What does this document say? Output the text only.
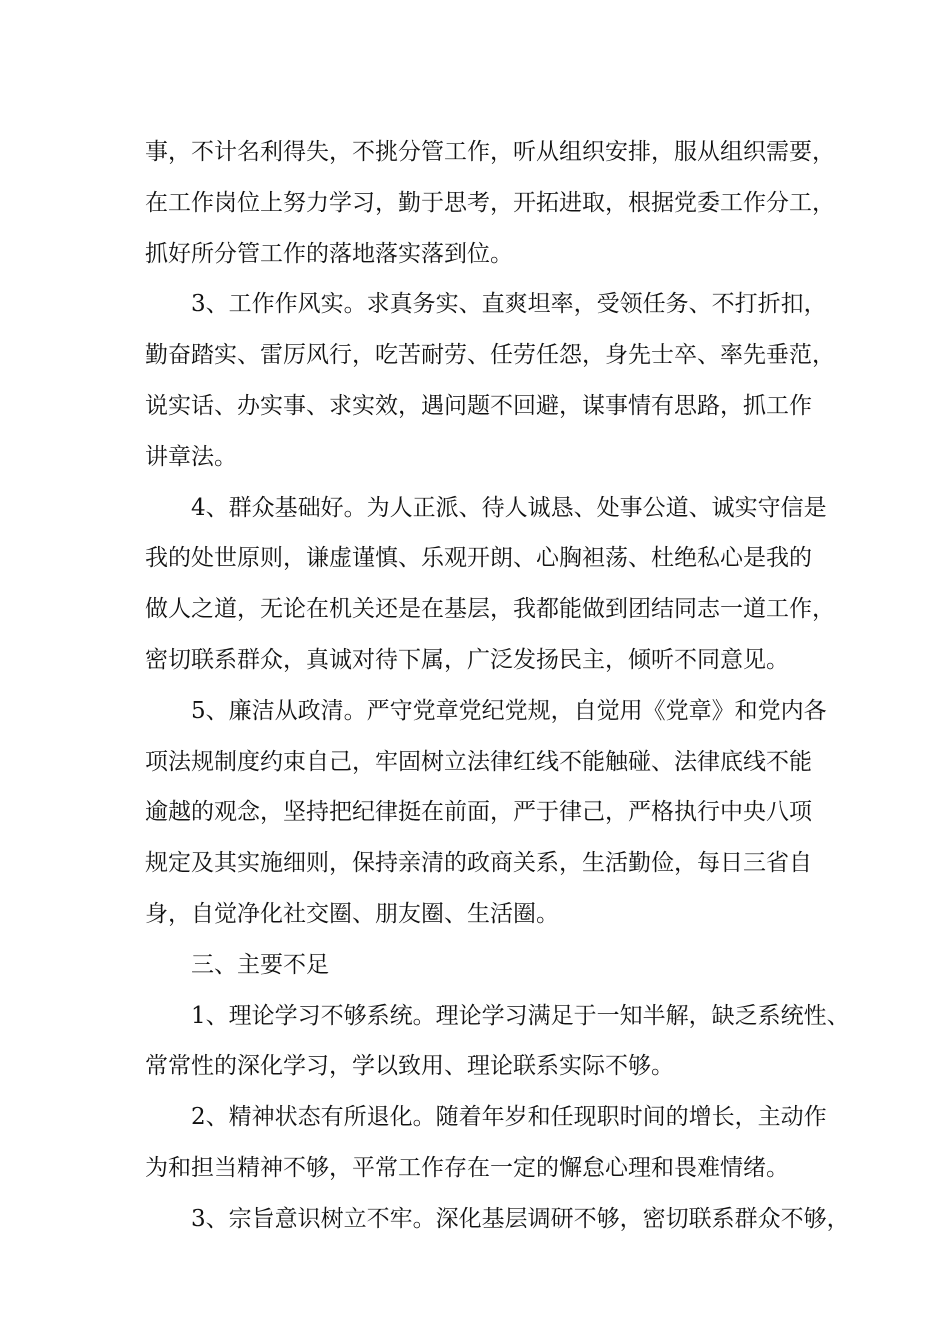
事，不计名利得失，不挑分管工作，听从组织安排，服从组织需要，
在工作岗位上努力学习，勤于思考，开拓进取，根据党委工作分工，
抓好所分管工作的落地落实落到位。
3、工作作风实。求真务实、直爽坦率，受领任务、不打折扣，
勤奋踏实、雷厉风行，吃苦耐劳、任劳任怨，身先士卒、率先垂范，
说实话、办实事、求实效，遇问题不回避，谋事情有思路，抓工作
讲章法。
4、群众基础好。为人正派、待人诚恳、处事公道、诚实守信是
我的处世原则，谦虚谨慎、乐观开朗、心胸袒荡、杜绝私心是我的
做人之道，无论在机关还是在基层，我都能做到团结同志一道工作，
密切联系群众，真诚对待下属，广泛发扬民主，倾听不同意见。
5、廉洁从政清。严守党章党纪党规，自觉用《党章》和党内各
项法规制度约束自己，牢固树立法律红线不能触碰、法律底线不能
逾越的观念，坚持把纪律挺在前面，严于律己，严格执行中央八项
规定及其实施细则，保持亲清的政商关系，生活勤俭，每日三省自
身，自觉净化社交圈、朋友圈、生活圈。
三、主要不足
1、理论学习不够系统。理论学习满足于一知半解，缺乏系统性、
常常性的深化学习，学以致用、理论联系实际不够。
2、精神状态有所退化。随着年岁和任现职时间的增长，主动作
为和担当精神不够，平常工作存在一定的懈怠心理和畏难情绪。
3、宗旨意识树立不牢。深化基层调研不够，密切联系群众不够，
